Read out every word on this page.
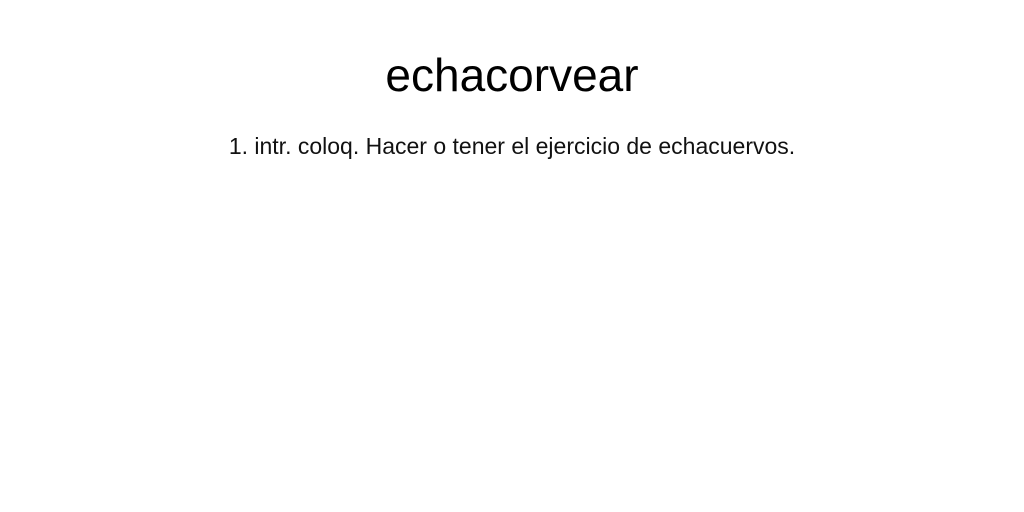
echacorvear

1. intr. coloq. Hacer o tener el ejercicio de echacuervos.
